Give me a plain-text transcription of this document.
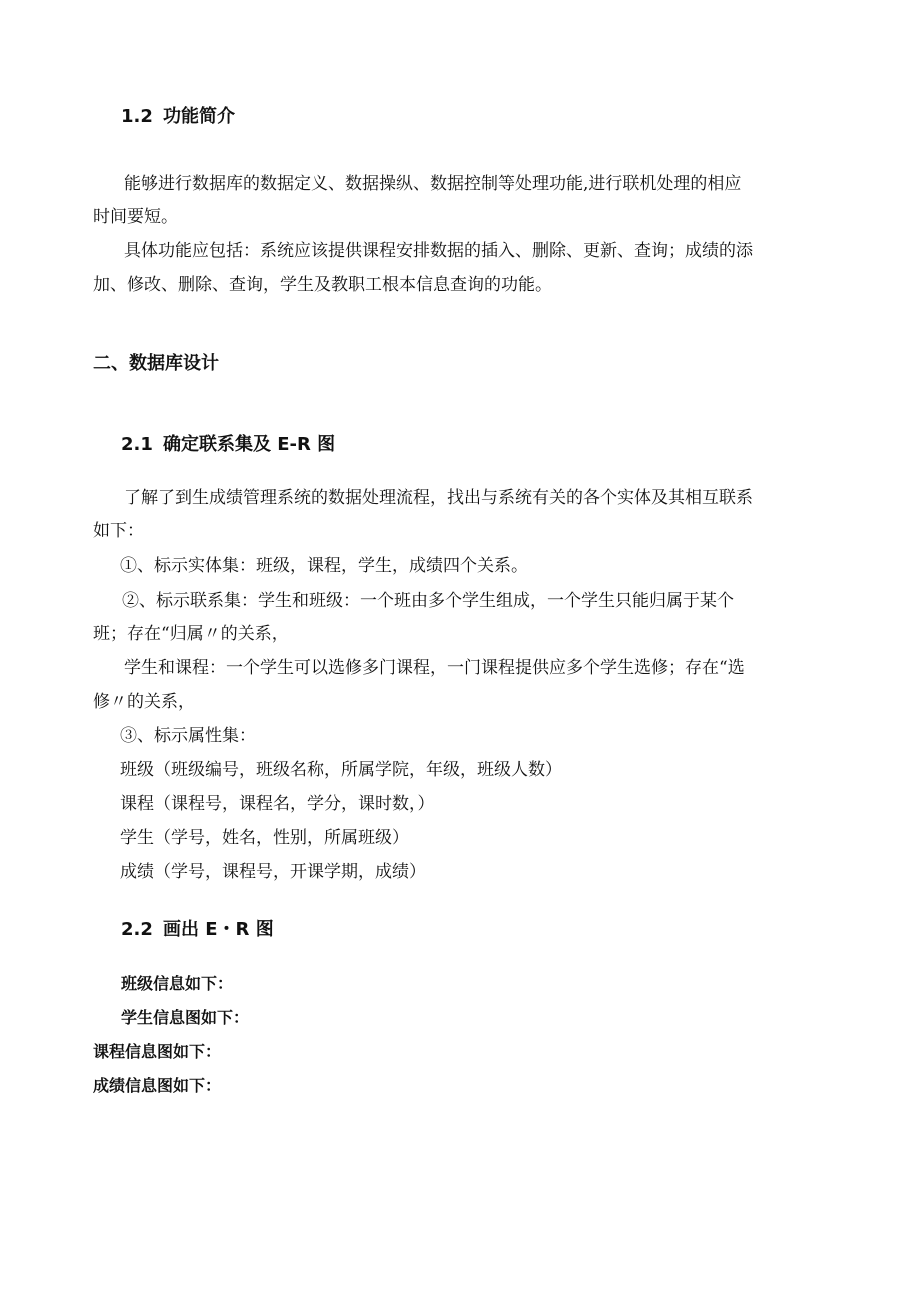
1.2 功能简介
能够进行数据库的数据定义、数据操纵、数据控制等处理功能,进行联机处理的相应
时间要短。
具体功能应包括：系统应该提供课程安排数据的插入、删除、更新、查询；成绩的添
加、修改、删除、查询，学生及教职工根本信息查询的功能。
二、数据库设计
2.1 确定联系集及 E-R 图
了解了到生成绩管理系统的数据处理流程，找出与系统有关的各个实体及其相互联系
如下：
①、标示实体集：班级，课程，学生，成绩四个关系。
②、标示联系集：学生和班级：一个班由多个学生组成，一个学生只能归属于某个
班；存在“归属〃的关系，
学生和课程：一个学生可以选修多门课程，一门课程提供应多个学生选修；存在“选
修〃的关系，
③、标示属性集：
班级（班级编号，班级名称，所属学院，年级，班级人数）
课程（课程号，课程名，学分，课时数，）
学生（学号，姓名，性别，所属班级）
成绩（学号，课程号，开课学期，成绩）
2.2 画出 E・R 图
班级信息如下：
学生信息图如下：
课程信息图如下：
成绩信息图如下：
